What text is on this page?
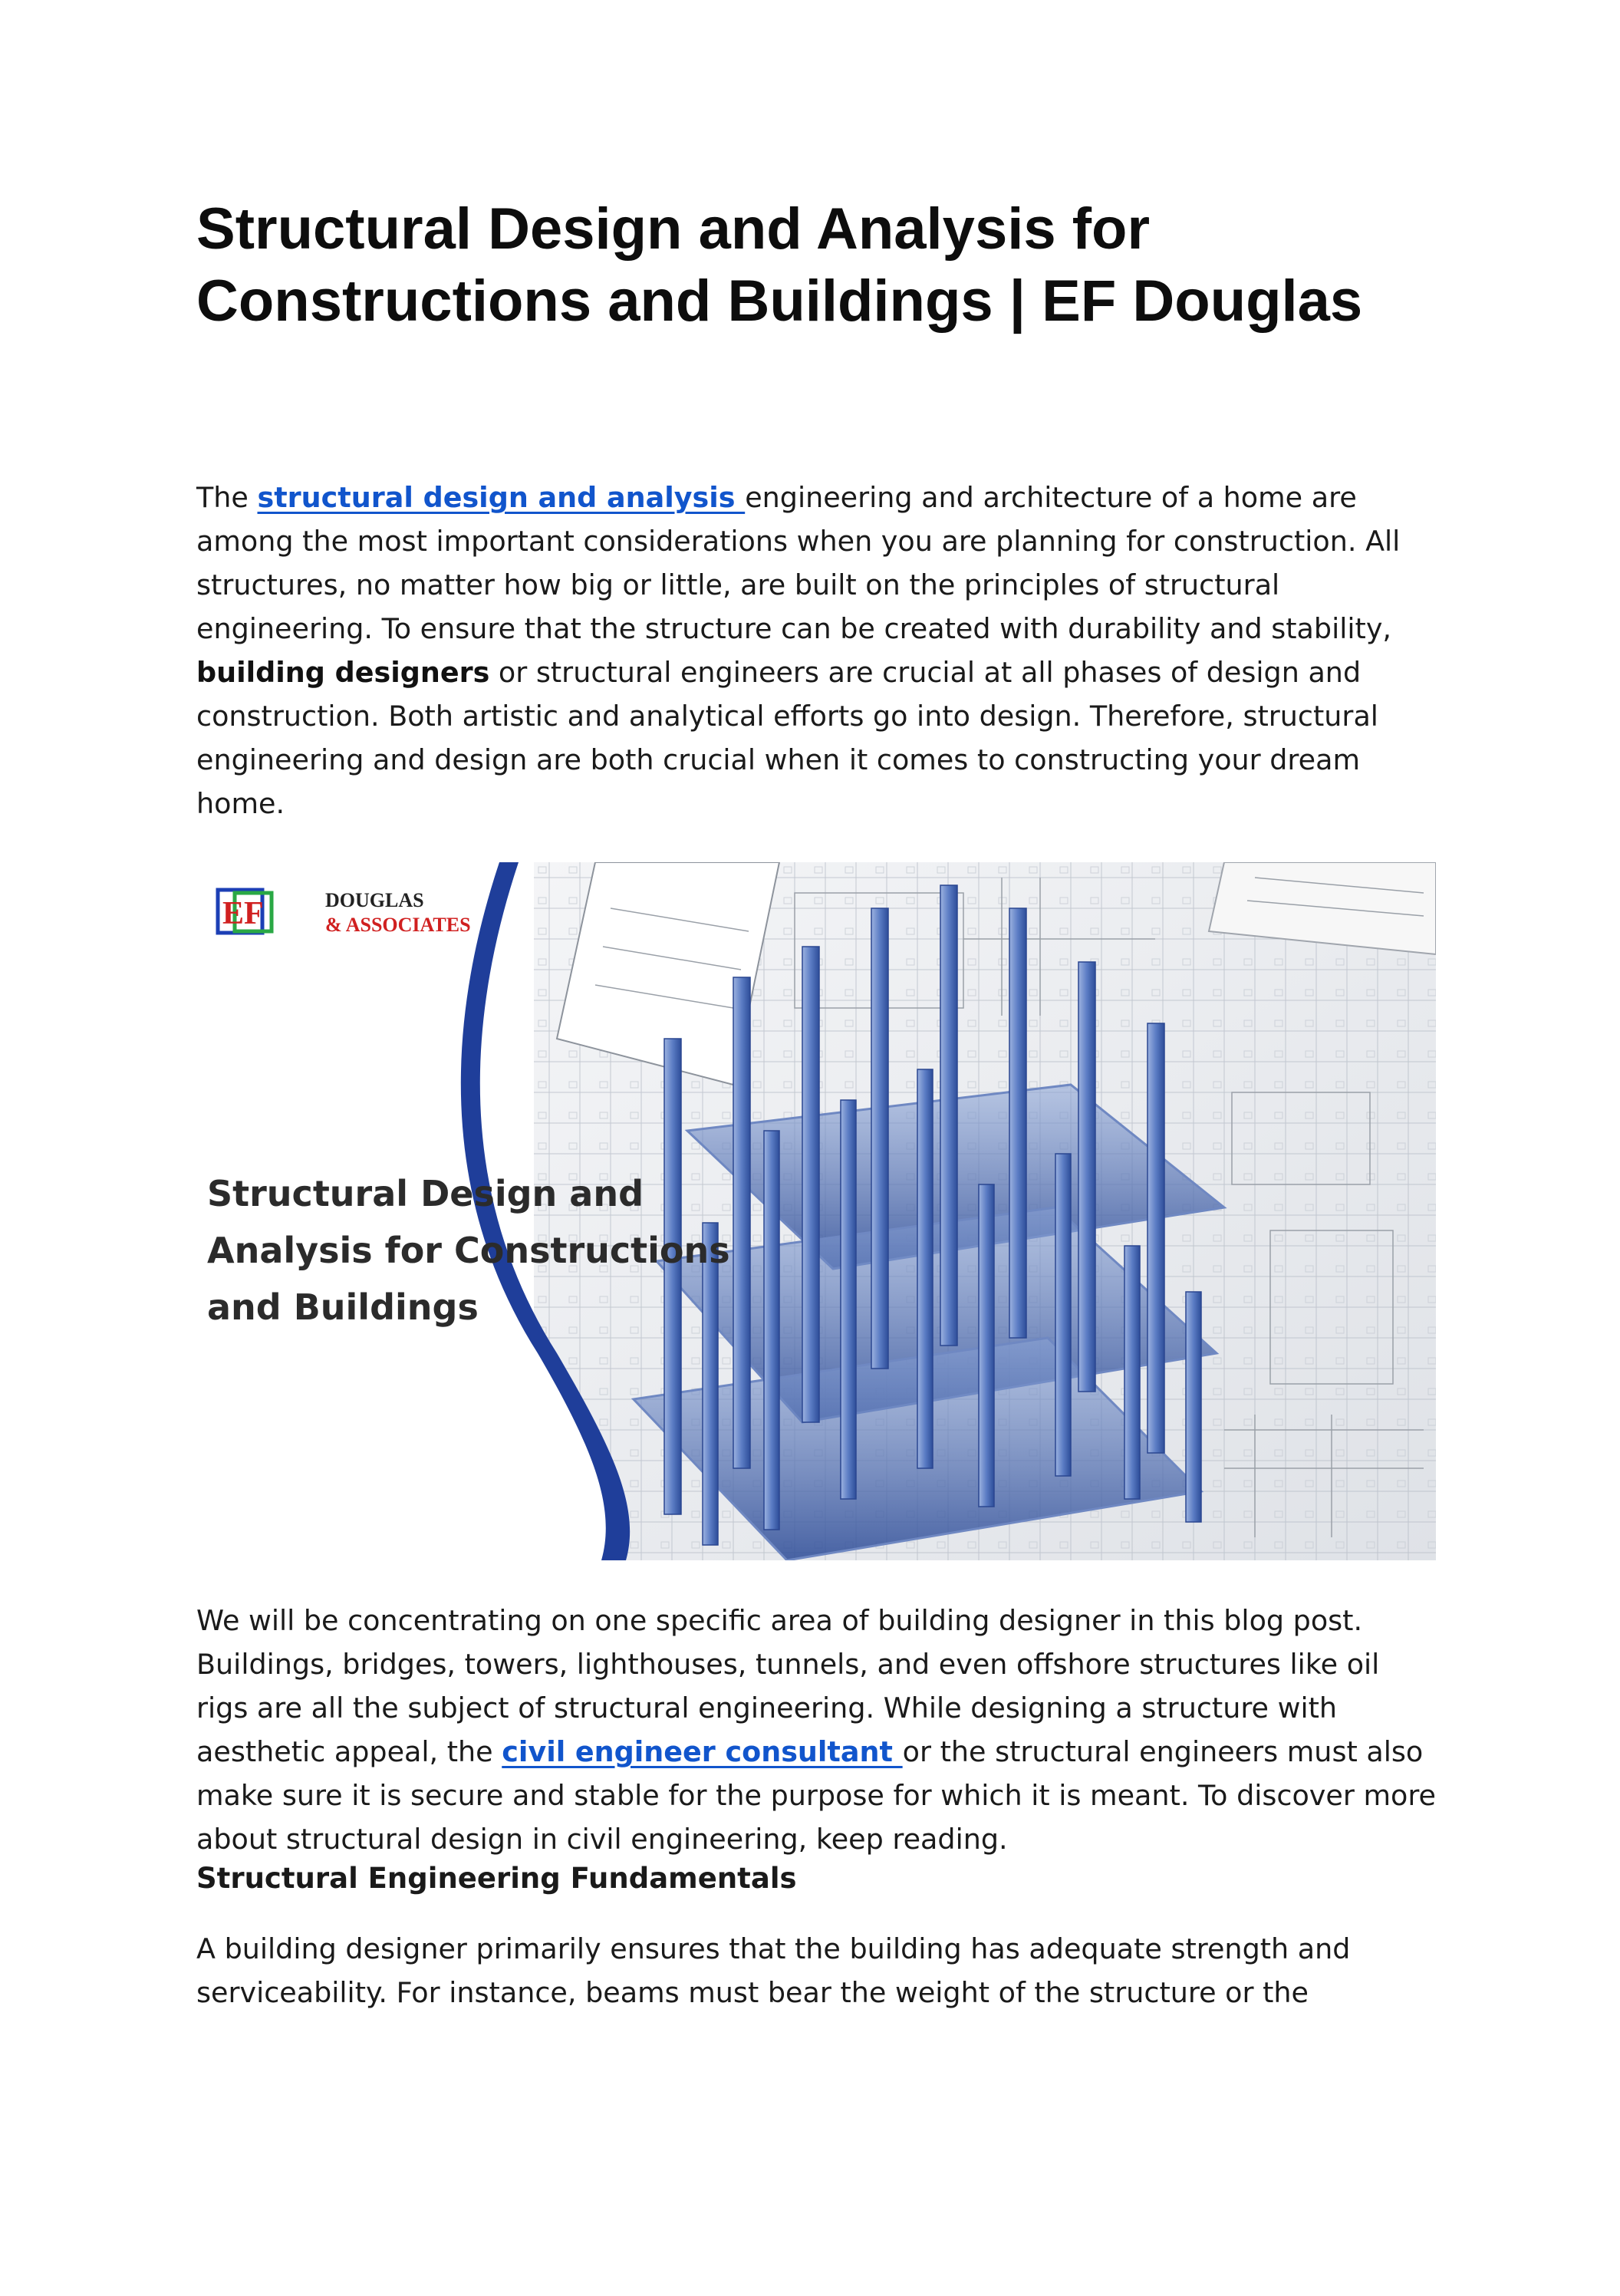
Structural Design and Analysis for Constructions and Buildings | EF Douglas

The structural design and analysis engineering and architecture of a home are among the most important considerations when you are planning for construction. All structures, no matter how big or little, are built on the principles of structural engineering. To ensure that the structure can be created with durability and stability, building designers or structural engineers are crucial at all phases of design and construction. Both artistic and analytical efforts go into design. Therefore, structural engineering and design are both crucial when it comes to constructing your dream home.

EF	DOUGLAS
& ASSOCIATES
Structural Design and
Analysis for Constructions
and Buildings

We will be concentrating on one specific area of building designer in this blog post. Buildings, bridges, towers, lighthouses, tunnels, and even offshore structures like oil rigs are all the subject of structural engineering. While designing a structure with aesthetic appeal, the civil engineer consultant or the structural engineers must also make sure it is secure and stable for the purpose for which it is meant. To discover more about structural design in civil engineering, keep reading.

Structural Engineering Fundamentals

A building designer primarily ensures that the building has adequate strength and serviceability. For instance, beams must bear the weight of the structure or the
